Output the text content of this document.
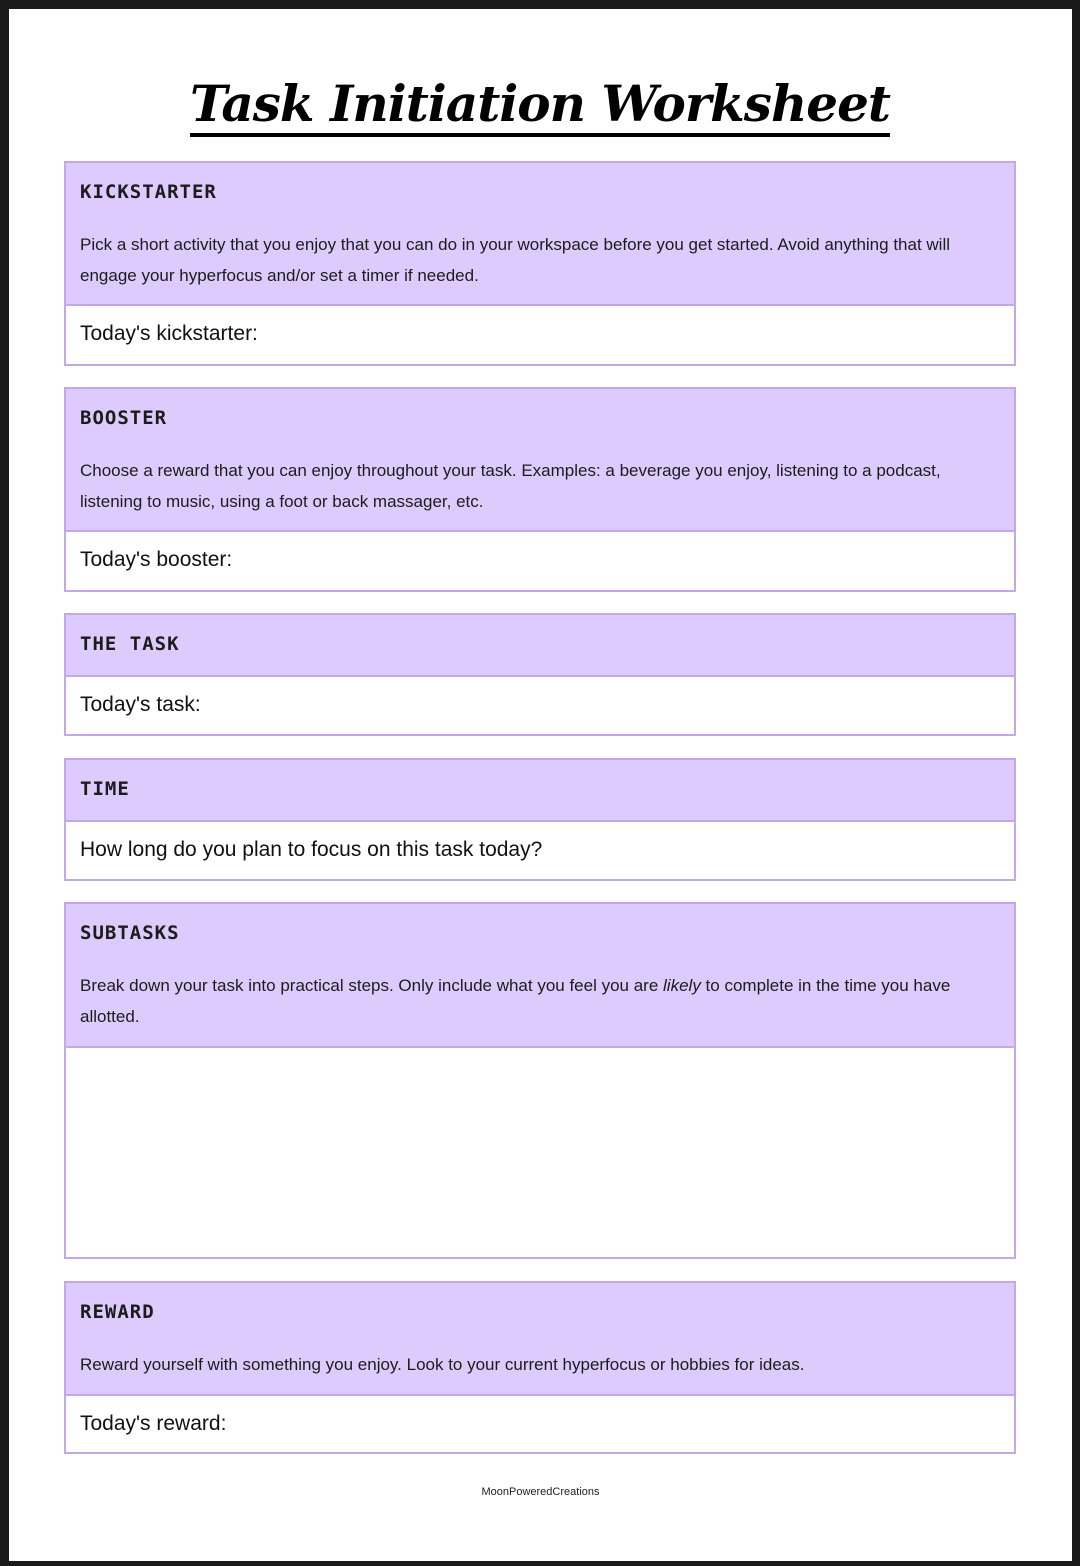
Task Initiation Worksheet
KICKSTARTER
Pick a short activity that you enjoy that you can do in your workspace before you get started. Avoid anything that will engage your hyperfocus and/or set a timer if needed.
Today's kickstarter:
BOOSTER
Choose a reward that you can enjoy throughout your task. Examples: a beverage you enjoy, listening to a podcast, listening to music, using a foot or back massager, etc.
Today's booster:
THE TASK
Today's task:
TIME
How long do you plan to focus on this task today?
SUBTASKS
Break down your task into practical steps. Only include what you feel you are likely to complete in the time you have allotted.
REWARD
Reward yourself with something you enjoy. Look to your current hyperfocus or hobbies for ideas.
Today's reward:
MoonPoweredCreations
